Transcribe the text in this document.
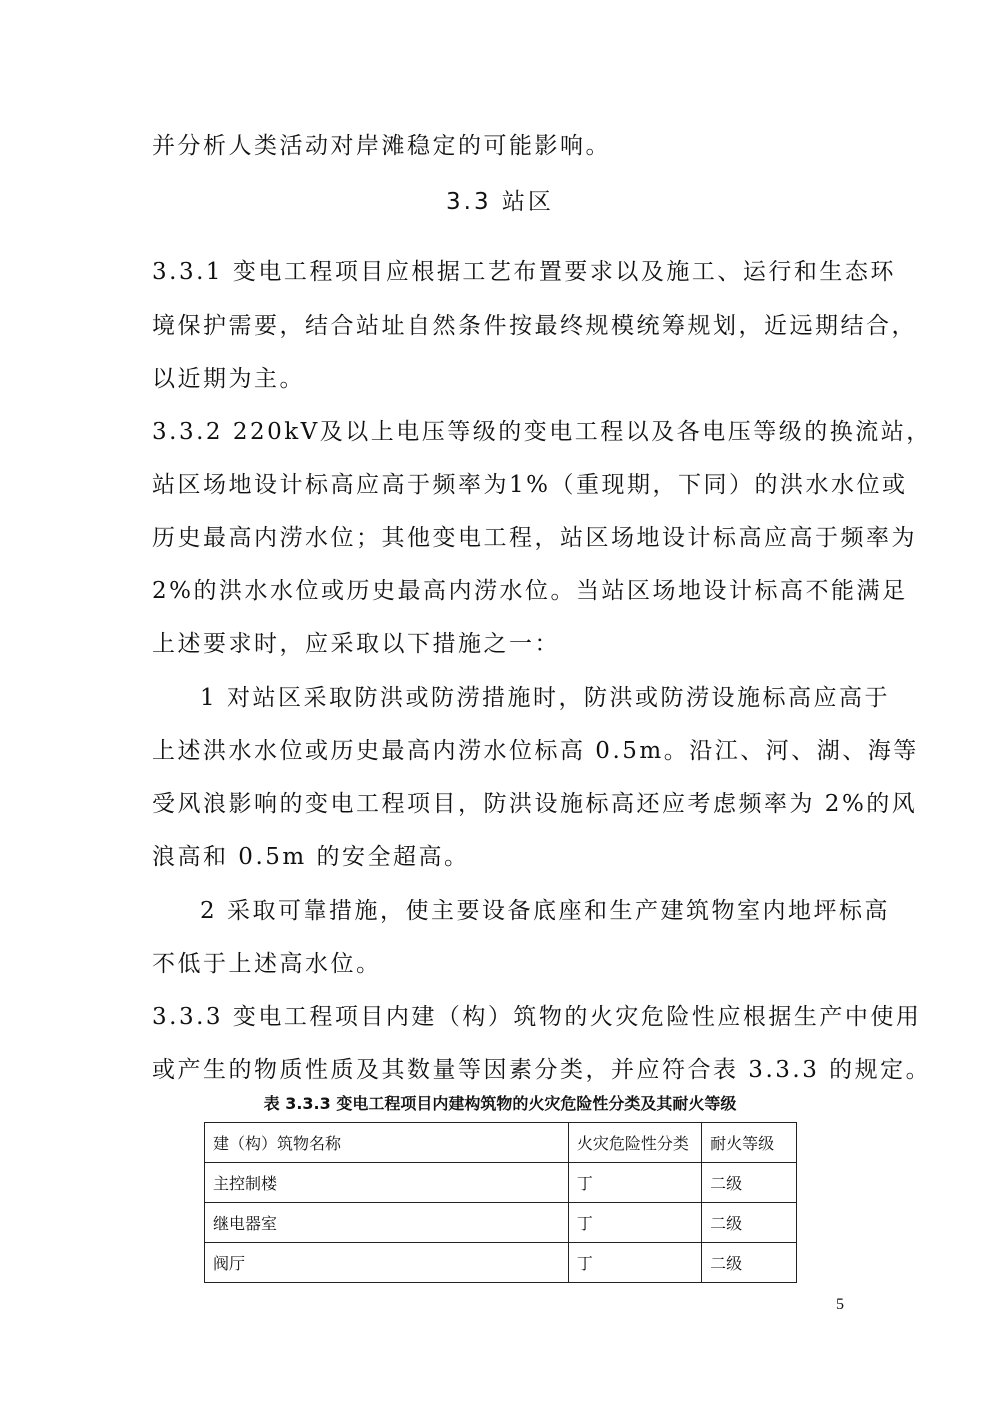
并分析人类活动对岸滩稳定的可能影响。
3.3 站区
3.3.1 变电工程项目应根据工艺布置要求以及施工、运行和生态环
境保护需要，结合站址自然条件按最终规模统筹规划，近远期结合，
以近期为主。
3.3.2 220kV及以上电压等级的变电工程以及各电压等级的换流站，
站区场地设计标高应高于频率为1%（重现期，下同）的洪水水位或
历史最高内涝水位；其他变电工程，站区场地设计标高应高于频率为
2%的洪水水位或历史最高内涝水位。当站区场地设计标高不能满足
上述要求时，应采取以下措施之一：
1 对站区采取防洪或防涝措施时，防洪或防涝设施标高应高于
上述洪水水位或历史最高内涝水位标高 0.5m。沿江、河、湖、海等
受风浪影响的变电工程项目，防洪设施标高还应考虑频率为 2%的风
浪高和 0.5m 的安全超高。
2 采取可靠措施，使主要设备底座和生产建筑物室内地坪标高
不低于上述高水位。
3.3.3 变电工程项目内建（构）筑物的火灾危险性应根据生产中使用
或产生的物质性质及其数量等因素分类，并应符合表 3.3.3 的规定。
表 3.3.3 变电工程项目内建构筑物的火灾危险性分类及其耐火等级
建（构）筑物名称	火灾危险性分类	耐火等级
主控制楼	丁	二级
继电器室	丁	二级
阀厅	丁	二级
5
